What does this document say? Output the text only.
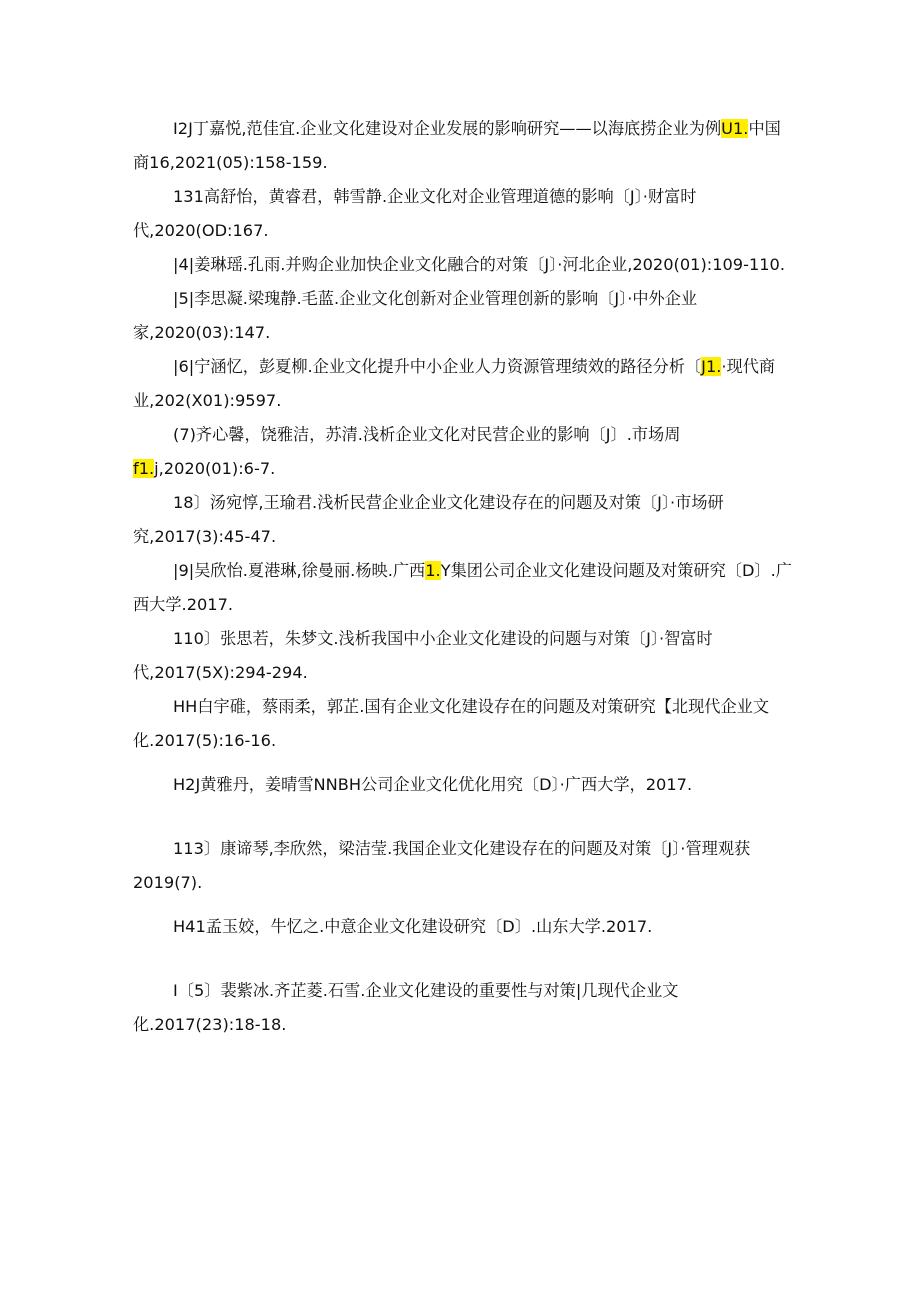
I2J丁嘉悦,范佳宜.企业文化建设对企业发展的影响研究——以海底捞企业为例U1.中国商16,2021(05):158-159.

131高舒怡，黄睿君，韩雪静.企业文化对企业管理道德的影响〔J〕·财富时代,2020(OD:167.

|4|姜琳瑶.孔雨.并购企业加快企业文化融合的对策〔J〕·河北企业,2020(01):109-110.

|5|李思凝.梁瑰静.毛蓝.企业文化创新对企业管理创新的影响〔J〕·中外企业家,2020(03):147.

|6|宁涵忆，彭夏柳.企业文化提升中小企业人力资源管理绩效的路径分析〔J1.·现代商业,202(X01):9597.

(7)齐心馨，饶雅洁，苏清.浅析企业文化对民营企业的影响〔J〕.市场周f1.j,2020(01):6-7.

18〕汤宛惇,王瑜君.浅析民营企业企业文化建设存在的问题及对策〔J〕·市场研究,2017(3):45-47.

|9|吴欣怡.夏港琳,徐曼丽.杨映.广西1.Y集团公司企业文化建设问题及对策研究〔D〕.广西大学.2017.

110〕张思若，朱梦文.浅析我国中小企业文化建设的问题与对策〔J〕·智富时代,2017(5X):294-294.

HH白宇碓，蔡雨柔，郭芷.国有企业文化建设存在的问题及对策研究【北现代企业文化.2017(5):16-16.

H2J黄雅丹，姜晴雪NNBH公司企业文化优化用究〔D〕·广西大学，2017.

113〕康谛琴,李欣然，梁洁莹.我国企业文化建设存在的问题及对策〔J〕·管理观获2019(7).

H41孟玉姣，牛忆之.中意企业文化建设研究〔D〕.山东大学.2017.

I〔5〕裴紫冰.齐芷菱.石雪.企业文化建设的重要性与对策|几现代企业文化.2017(23):18-18.
